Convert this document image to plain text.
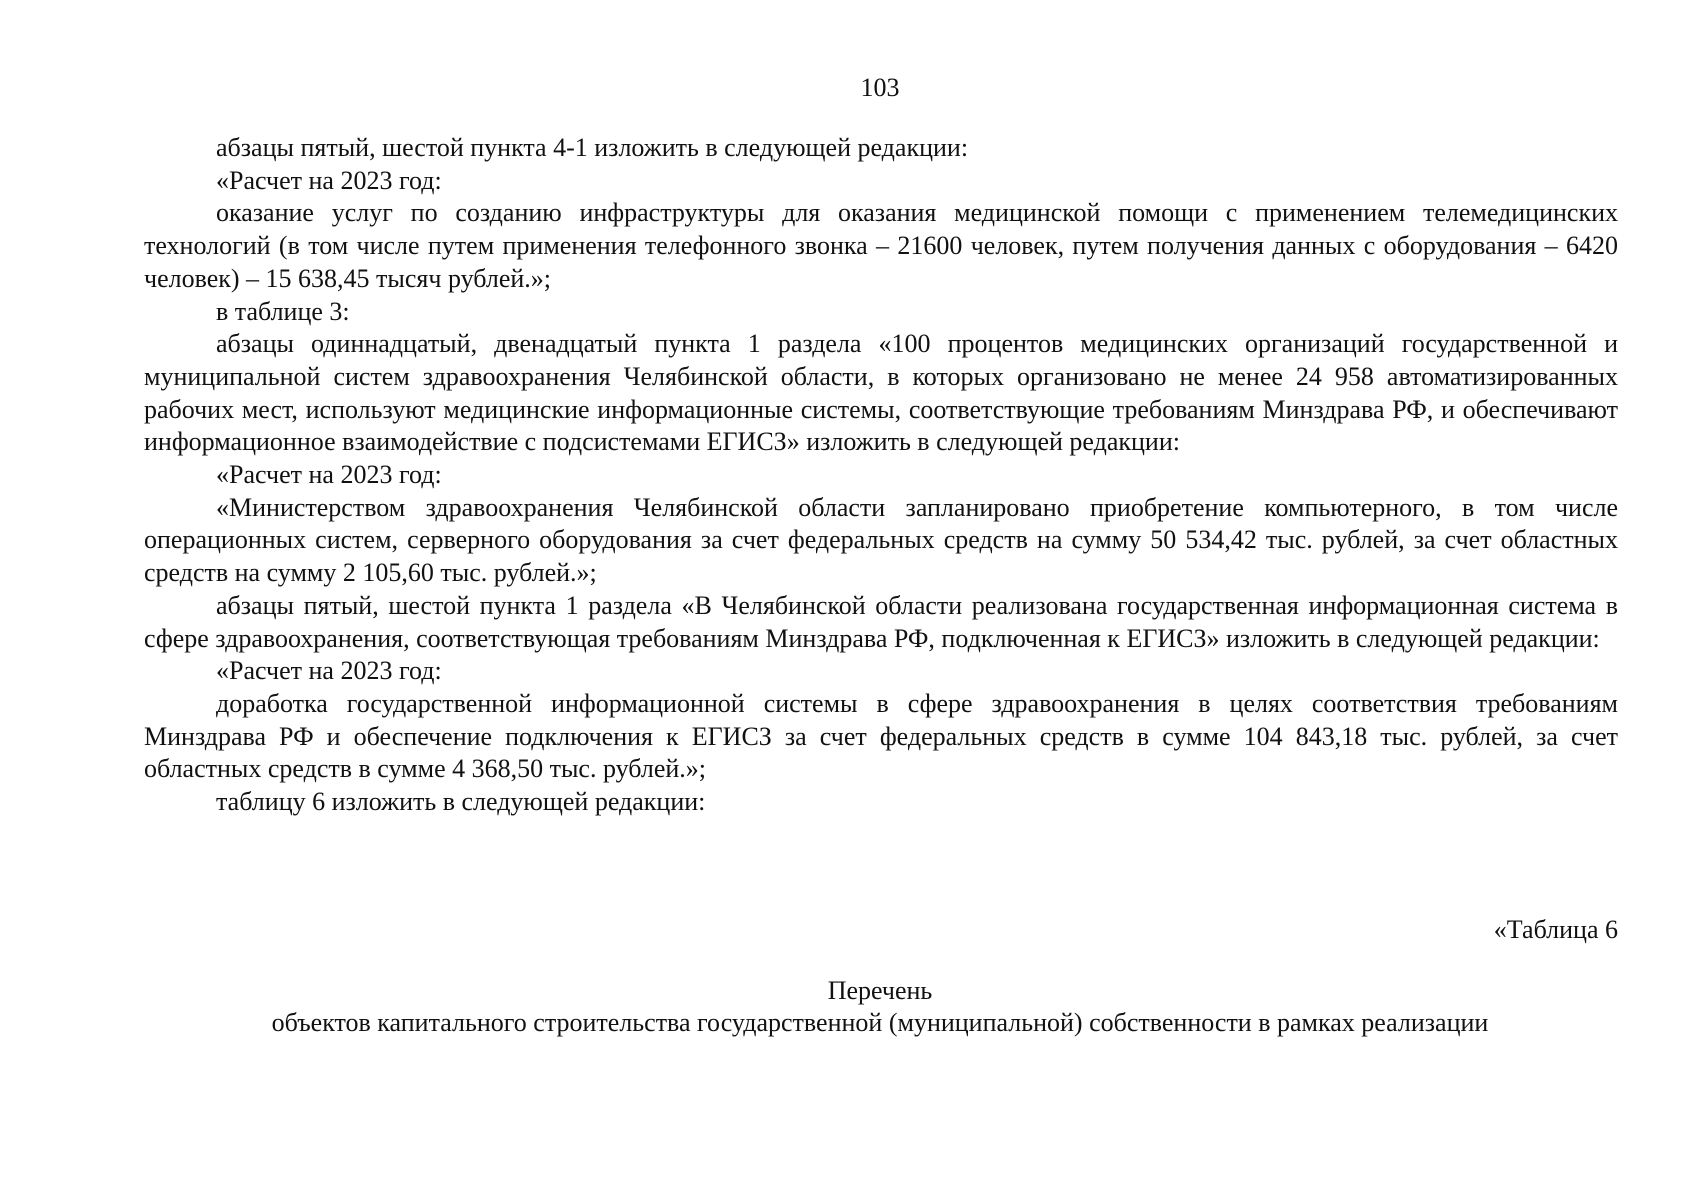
103

абзацы пятый, шестой пункта 4-1 изложить в следующей редакции:

«Расчет на 2023 год:

оказание услуг по созданию инфраструктуры для оказания медицинской помощи с применением телемедицинских технологий (в том числе путем применения телефонного звонка – 21600 человек, путем получения данных с оборудования – 6420 человек) – 15 638,45 тысяч рублей.»;

в таблице 3:

абзацы одиннадцатый, двенадцатый пункта 1 раздела «100 процентов медицинских организаций государственной и муниципальной систем здравоохранения Челябинской области, в которых организовано не менее 24 958 автоматизированных рабочих мест, используют медицинские информационные системы, соответствующие требованиям Минздрава РФ, и обеспечивают информационное взаимодействие с подсистемами ЕГИСЗ» изложить в следующей редакции:

«Расчет на 2023 год:

«Министерством здравоохранения Челябинской области запланировано приобретение компьютерного, в том числе операционных систем, серверного оборудования за счет федеральных средств на сумму 50 534,42 тыс. рублей, за счет областных средств на сумму 2 105,60 тыс. рублей.»;

абзацы пятый, шестой пункта 1 раздела «В Челябинской области реализована государственная информационная система в сфере здравоохранения, соответствующая требованиям Минздрава РФ, подключенная к ЕГИСЗ» изложить в следующей редакции:

«Расчет на 2023 год:

доработка государственной информационной системы в сфере здравоохранения в целях соответствия требованиям Минздрава РФ и обеспечение подключения к ЕГИСЗ за счет федеральных средств в сумме 104 843,18 тыс. рублей, за счет областных средств в сумме 4 368,50 тыс. рублей.»;

таблицу 6 изложить в следующей редакции:

«Таблица 6
Перечень
объектов капитального строительства государственной (муниципальной) собственности в рамках реализации
